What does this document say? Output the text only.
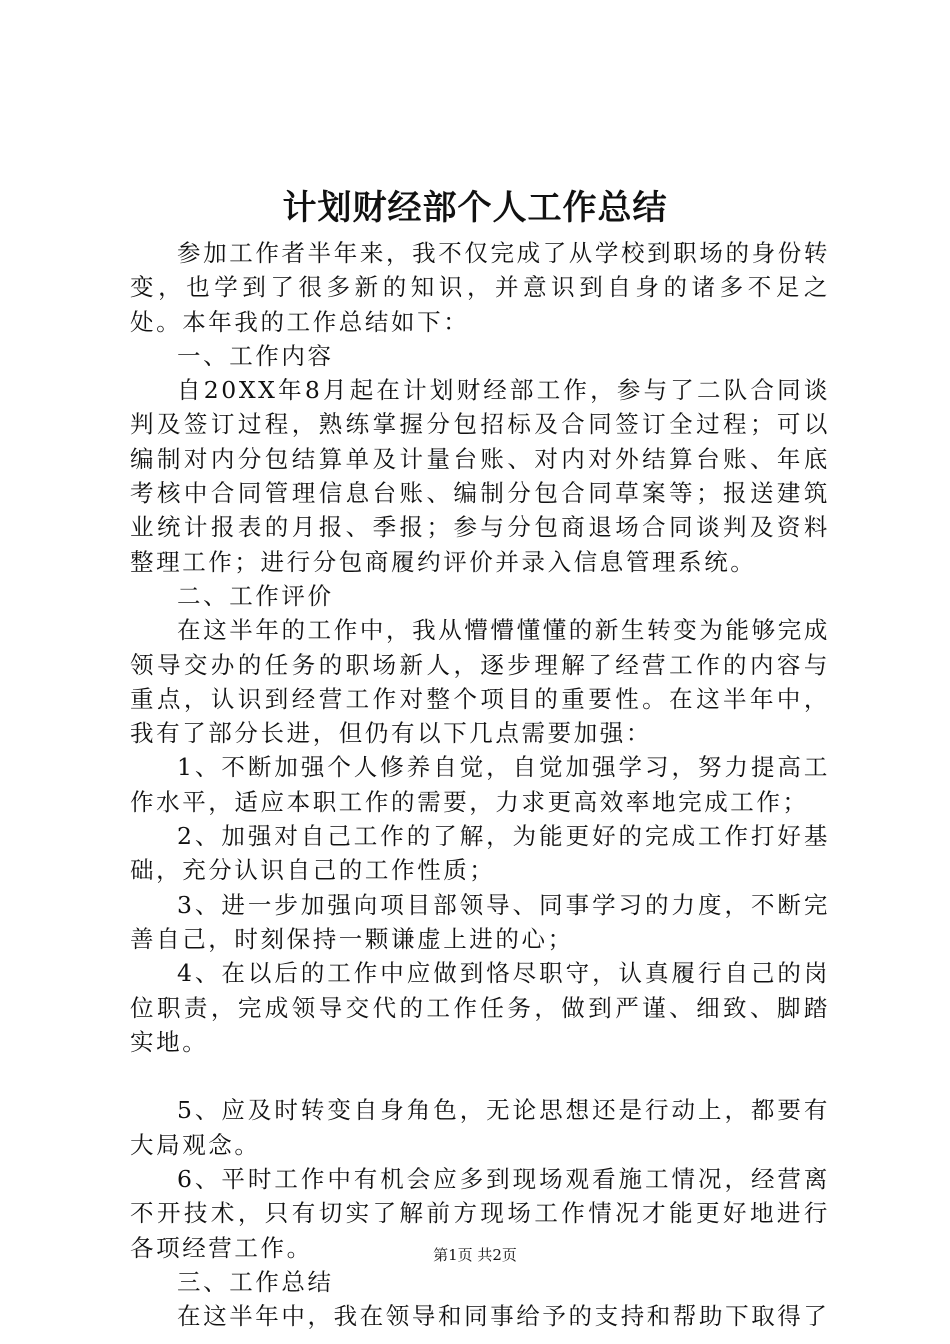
计划财经部个人工作总结

参加工作者半年来，我不仅完成了从学校到职场的身份转变，也学到了很多新的知识，并意识到自身的诸多不足之处。本年我的工作总结如下：

一、工作内容

自20XX年8月起在计划财经部工作，参与了二队合同谈判及签订过程，熟练掌握分包招标及合同签订全过程；可以编制对内分包结算单及计量台账、对内对外结算台账、年底考核中合同管理信息台账、编制分包合同草案等；报送建筑业统计报表的月报、季报；参与分包商退场合同谈判及资料整理工作；进行分包商履约评价并录入信息管理系统。

二、工作评价

在这半年的工作中，我从懵懵懂懂的新生转变为能够完成领导交办的任务的职场新人，逐步理解了经营工作的内容与重点，认识到经营工作对整个项目的重要性。在这半年中，我有了部分长进，但仍有以下几点需要加强：

1、不断加强个人修养自觉，自觉加强学习，努力提高工作水平，适应本职工作的需要，力求更高效率地完成工作；

2、加强对自己工作的了解，为能更好的完成工作打好基础，充分认识自己的工作性质；

3、进一步加强向项目部领导、同事学习的力度，不断完善自己，时刻保持一颗谦虚上进的心；

4、在以后的工作中应做到恪尽职守，认真履行自己的岗位职责，完成领导交代的工作任务，做到严谨、细致、脚踏实地。

5、应及时转变自身角色，无论思想还是行动上，都要有大局观念。

6、平时工作中有机会应多到现场观看施工情况，经营离不开技术，只有切实了解前方现场工作情况才能更好地进行各项经营工作。

三、工作总结

在这半年中，我在领导和同事给予的支持和帮助下取得了

第1页 共2页
